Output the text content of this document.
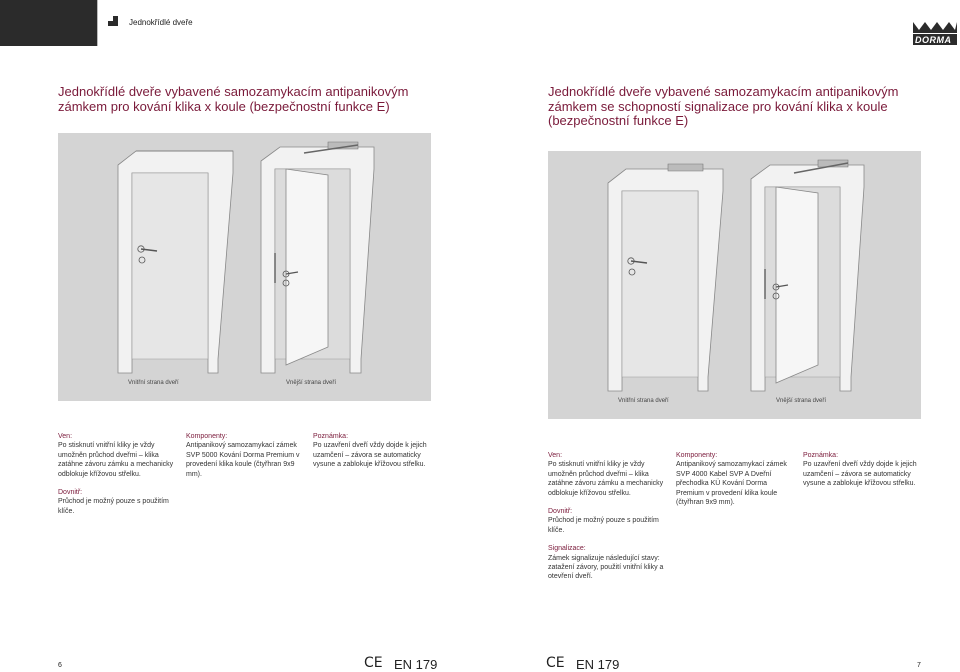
Jednokřídlé dveře
DORMA
Jednokřídlé dveře vybavené samozamykacím antipanikovým zámkem pro kování klika x koule (bezpečnostní funkce E)
Jednokřídlé dveře vybavené samozamykacím antipanikovým zámkem se schopností signalizace pro kování klika x koule (bezpečnostní funkce E)
Vnitřní strana dveří	Vnější strana dveří
Vnitřní strana dveří	Vnější strana dveří
Ven:

Po stisknutí vnitřní kliky je vždy umožněn průchod dveřmi – klika zatáhne závoru zámku a mechanicky odblokuje křížovou střelku.

Dovnitř:

Průchod je možný pouze s použitím klíče.

Komponenty:

Antipanikový samozamykací zámek SVP 5000 Kování Dorma Premium v provedení klika koule (čtyřhran 9x9 mm).

Poznámka:

Po uzavření dveří vždy dojde k jejich uzamčení – závora se automaticky vysune a zablokuje křížovou střelku.

Ven:

Po stisknutí vnitřní kliky je vždy umožněn průchod dveřmi – klika zatáhne závoru zámku a mechanicky odblokuje křížovou střelku.

Dovnitř:

Průchod je možný pouze s použitím klíče.

Signalizace:

Zámek signalizuje následující stavy: zatažení závory, použití vnitřní kliky a otevření dveří.

Komponenty:

Antipanikový samozamykací zámek SVP 4000 Kabel SVP A Dveřní přechodka KÜ Kování Dorma Premium v provedení klika koule (čtyřhran 9x9 mm).

Poznámka:

Po uzavření dveří vždy dojde k jejich uzamčení – závora se automaticky vysune a zablokuje křížovou střelku.

6	CE EN 179	CE EN 179	7
